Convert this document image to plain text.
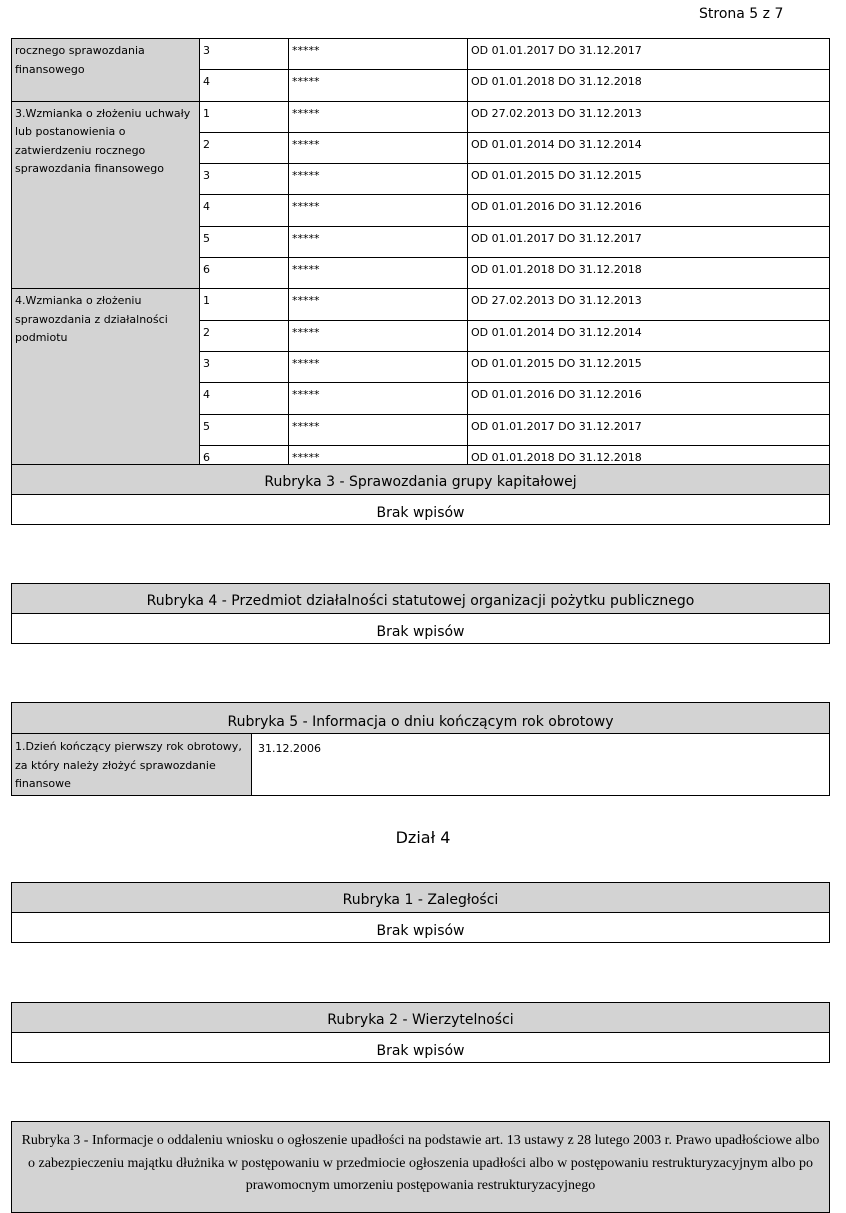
Strona 5 z 7
rocznego sprawozdania finansowego	3	*****	OD 01.01.2017 DO 31.12.2017
	4	*****	OD 01.01.2018 DO 31.12.2018
3.Wzmianka o złożeniu uchwały lub postanowienia o zatwierdzeniu rocznego sprawozdania finansowego	1	*****	OD 27.02.2013 DO 31.12.2013
	2	*****	OD 01.01.2014 DO 31.12.2014
	3	*****	OD 01.01.2015 DO 31.12.2015
	4	*****	OD 01.01.2016 DO 31.12.2016
	5	*****	OD 01.01.2017 DO 31.12.2017
	6	*****	OD 01.01.2018 DO 31.12.2018
4.Wzmianka o złożeniu sprawozdania z działalności podmiotu	1	*****	OD 27.02.2013 DO 31.12.2013
	2	*****	OD 01.01.2014 DO 31.12.2014
	3	*****	OD 01.01.2015 DO 31.12.2015
	4	*****	OD 01.01.2016 DO 31.12.2016
	5	*****	OD 01.01.2017 DO 31.12.2017
	6	*****	OD 01.01.2018 DO 31.12.2018
Rubryka 3 - Sprawozdania grupy kapitałowej
Brak wpisów
Rubryka 4 - Przedmiot działalności statutowej organizacji pożytku publicznego
Brak wpisów
Rubryka 5 - Informacja o dniu kończącym rok obrotowy
1.Dzień kończący pierwszy rok obrotowy, za który należy złożyć sprawozdanie finansowe
31.12.2006
Dział 4
Rubryka 1 - Zaległości
Brak wpisów
Rubryka 2 - Wierzytelności
Brak wpisów
Rubryka 3 - Informacje o oddaleniu wniosku o ogłoszenie upadłości na podstawie art. 13 ustawy z 28 lutego 2003 r. Prawo upadłościowe albo o zabezpieczeniu majątku dłużnika w postępowaniu w przedmiocie ogłoszenia upadłości albo w postępowaniu restrukturyzacyjnym albo po prawomocnym umorzeniu postępowania restrukturyzacyjnego
